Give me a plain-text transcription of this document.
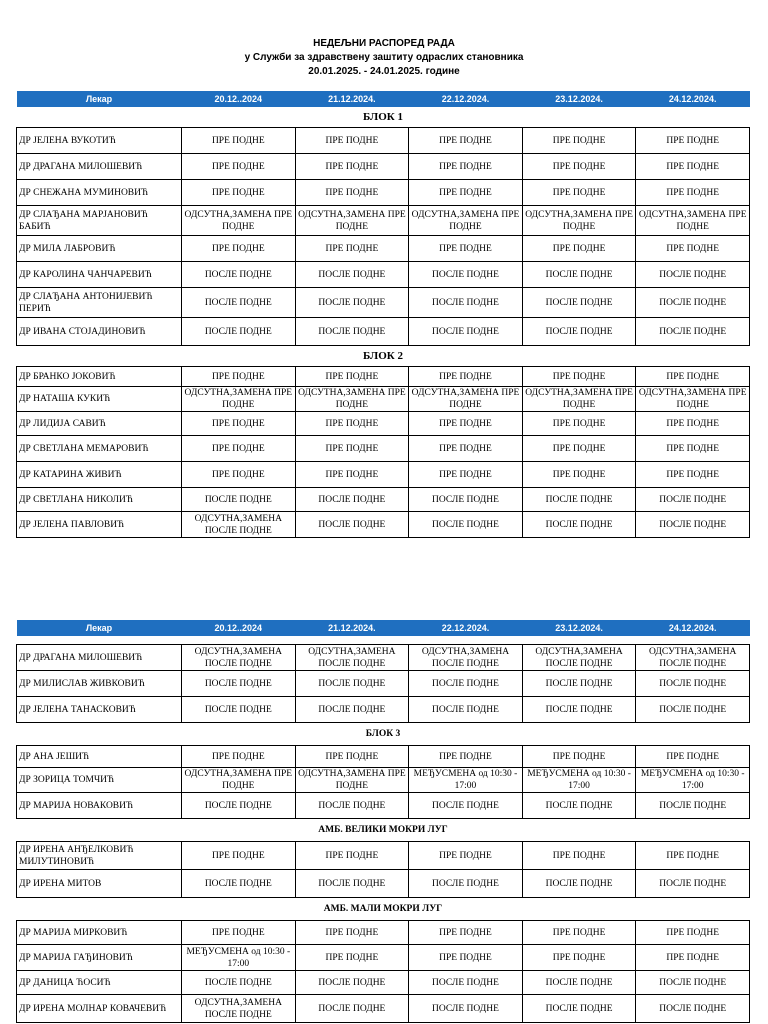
НЕДЕЉНИ РАСПОРЕД РАДА
у Служби за здравствену заштиту одраслих становника
20.01.2025. - 24.01.2025. године
Лекар	20.12..2024	21.12.2024.	22.12.2024.	23.12.2024.	24.12.2024.
БЛОК 1					
ДР ЈЕЛЕНА ВУКОТИЋ	ПРЕ ПОДНЕ	ПРЕ ПОДНЕ	ПРЕ ПОДНЕ	ПРЕ ПОДНЕ	ПРЕ ПОДНЕ
ДР ДРАГАНА МИЛОШЕВИЋ	ПРЕ ПОДНЕ	ПРЕ ПОДНЕ	ПРЕ ПОДНЕ	ПРЕ ПОДНЕ	ПРЕ ПОДНЕ
ДР СНЕЖАНА МУМИНОВИЋ	ПРЕ ПОДНЕ	ПРЕ ПОДНЕ	ПРЕ ПОДНЕ	ПРЕ ПОДНЕ	ПРЕ ПОДНЕ
ДР СЛАЂАНА МАРЈАНОВИЋ БАБИЋ	ОДСУТНА,ЗАМЕНА ПРЕ ПОДНЕ	ОДСУТНА,ЗАМЕНА ПРЕ ПОДНЕ	ОДСУТНА,ЗАМЕНА ПРЕ ПОДНЕ	ОДСУТНА,ЗАМЕНА ПРЕ ПОДНЕ	ОДСУТНА,ЗАМЕНА ПРЕ ПОДНЕ
ДР МИЛА ЛАБРОВИЋ	ПРЕ ПОДНЕ	ПРЕ ПОДНЕ	ПРЕ ПОДНЕ	ПРЕ ПОДНЕ	ПРЕ ПОДНЕ
ДР КАРОЛИНА ЧАНЧАРЕВИЋ	ПОСЛЕ ПОДНЕ	ПОСЛЕ ПОДНЕ	ПОСЛЕ ПОДНЕ	ПОСЛЕ ПОДНЕ	ПОСЛЕ ПОДНЕ
ДР СЛАЂАНА АНТОНИЈЕВИЋ ПЕРИЋ	ПОСЛЕ ПОДНЕ	ПОСЛЕ ПОДНЕ	ПОСЛЕ ПОДНЕ	ПОСЛЕ ПОДНЕ	ПОСЛЕ ПОДНЕ
ДР ИВАНА СТОЈАДИНОВИЋ	ПОСЛЕ ПОДНЕ	ПОСЛЕ ПОДНЕ	ПОСЛЕ ПОДНЕ	ПОСЛЕ ПОДНЕ	ПОСЛЕ ПОДНЕ
БЛОК 2					
ДР БРАНКО ЈОКОВИЋ	ПРЕ ПОДНЕ	ПРЕ ПОДНЕ	ПРЕ ПОДНЕ	ПРЕ ПОДНЕ	ПРЕ ПОДНЕ
ДР НАТАША КУКИЋ	ОДСУТНА,ЗАМЕНА ПРЕ ПОДНЕ	ОДСУТНА,ЗАМЕНА ПРЕ ПОДНЕ	ОДСУТНА,ЗАМЕНА ПРЕ ПОДНЕ	ОДСУТНА,ЗАМЕНА ПРЕ ПОДНЕ	ОДСУТНА,ЗАМЕНА ПРЕ ПОДНЕ
ДР ЛИДИЈА САВИЋ	ПРЕ ПОДНЕ	ПРЕ ПОДНЕ	ПРЕ ПОДНЕ	ПРЕ ПОДНЕ	ПРЕ ПОДНЕ
ДР СВЕТЛАНА МЕМАРОВИЋ	ПРЕ ПОДНЕ	ПРЕ ПОДНЕ	ПРЕ ПОДНЕ	ПРЕ ПОДНЕ	ПРЕ ПОДНЕ
ДР КАТАРИНА ЖИВИЋ	ПРЕ ПОДНЕ	ПРЕ ПОДНЕ	ПРЕ ПОДНЕ	ПРЕ ПОДНЕ	ПРЕ ПОДНЕ
ДР СВЕТЛАНА НИКОЛИЋ	ПОСЛЕ ПОДНЕ	ПОСЛЕ ПОДНЕ	ПОСЛЕ ПОДНЕ	ПОСЛЕ ПОДНЕ	ПОСЛЕ ПОДНЕ
ДР ЈЕЛЕНА ПАВЛОВИЋ	ОДСУТНА,ЗАМЕНА ПОСЛЕ ПОДНЕ	ПОСЛЕ ПОДНЕ	ПОСЛЕ ПОДНЕ	ПОСЛЕ ПОДНЕ	ПОСЛЕ ПОДНЕ
Лекар	20.12..2024	21.12.2024.	22.12.2024.	23.12.2024.	24.12.2024.

ДР ДРАГАНА МИЛОШЕВИЋ	ОДСУТНА,ЗАМЕНА ПОСЛЕ ПОДНЕ	ОДСУТНА,ЗАМЕНА ПОСЛЕ ПОДНЕ	ОДСУТНА,ЗАМЕНА ПОСЛЕ ПОДНЕ	ОДСУТНА,ЗАМЕНА ПОСЛЕ ПОДНЕ	ОДСУТНА,ЗАМЕНА ПОСЛЕ ПОДНЕ
ДР МИЛИСЛАВ ЖИВКОВИЋ	ПОСЛЕ ПОДНЕ	ПОСЛЕ ПОДНЕ	ПОСЛЕ ПОДНЕ	ПОСЛЕ ПОДНЕ	ПОСЛЕ ПОДНЕ
ДР ЈЕЛЕНА ТАНАСКОВИЋ	ПОСЛЕ ПОДНЕ	ПОСЛЕ ПОДНЕ	ПОСЛЕ ПОДНЕ	ПОСЛЕ ПОДНЕ	ПОСЛЕ ПОДНЕ
БЛОК 3					
ДР АНА ЈЕШИЋ	ПРЕ ПОДНЕ	ПРЕ ПОДНЕ	ПРЕ ПОДНЕ	ПРЕ ПОДНЕ	ПРЕ ПОДНЕ
ДР ЗОРИЦА ТОМЧИЋ	ОДСУТНА,ЗАМЕНА ПРЕ ПОДНЕ	ОДСУТНА,ЗАМЕНА ПРЕ ПОДНЕ	МЕЂУСМЕНА од 10:30 - 17:00	МЕЂУСМЕНА од 10:30 - 17:00	МЕЂУСМЕНА од 10:30 - 17:00
ДР МАРИЈА НОВАКОВИЋ	ПОСЛЕ ПОДНЕ	ПОСЛЕ ПОДНЕ	ПОСЛЕ ПОДНЕ	ПОСЛЕ ПОДНЕ	ПОСЛЕ ПОДНЕ
АМБ. ВЕЛИКИ МОКРИ ЛУГ					
ДР ИРЕНА АНЂЕЛКОВИЋ МИЛУТИНОВИЋ	ПРЕ ПОДНЕ	ПРЕ ПОДНЕ	ПРЕ ПОДНЕ	ПРЕ ПОДНЕ	ПРЕ ПОДНЕ
ДР ИРЕНА МИТОВ	ПОСЛЕ ПОДНЕ	ПОСЛЕ ПОДНЕ	ПОСЛЕ ПОДНЕ	ПОСЛЕ ПОДНЕ	ПОСЛЕ ПОДНЕ
АМБ. МАЛИ МОКРИ ЛУГ					
ДР МАРИЈА МИРКОВИЋ	ПРЕ ПОДНЕ	ПРЕ ПОДНЕ	ПРЕ ПОДНЕ	ПРЕ ПОДНЕ	ПРЕ ПОДНЕ
ДР МАРИЈА ГАЂИНОВИЋ	МЕЂУСМЕНА од 10:30 - 17:00	ПРЕ ПОДНЕ	ПРЕ ПОДНЕ	ПРЕ ПОДНЕ	ПРЕ ПОДНЕ
ДР ДАНИЦА ЋОСИЋ	ПОСЛЕ ПОДНЕ	ПОСЛЕ ПОДНЕ	ПОСЛЕ ПОДНЕ	ПОСЛЕ ПОДНЕ	ПОСЛЕ ПОДНЕ
ДР ИРЕНА МОЛНАР КОВАЧЕВИЋ	ОДСУТНА,ЗАМЕНА ПОСЛЕ ПОДНЕ	ПОСЛЕ ПОДНЕ	ПОСЛЕ ПОДНЕ	ПОСЛЕ ПОДНЕ	ПОСЛЕ ПОДНЕ
